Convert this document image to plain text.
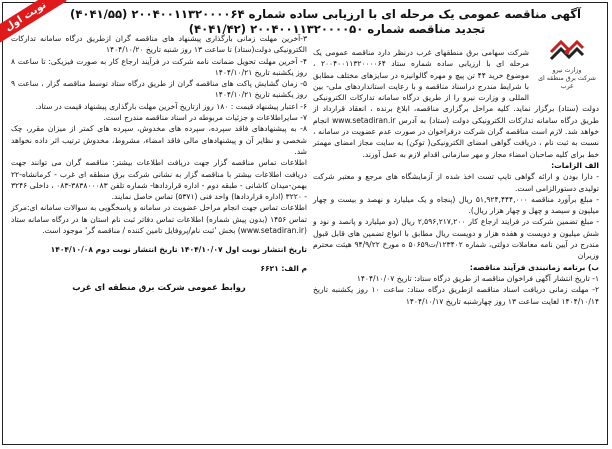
نوبت اول	آگهی مناقصه عمومی یک مرحله ای با ارزیابی ساده شماره ۲۰۰۴۰۰۱۱۳۲۰۰۰۰۶۴ (۴۰۴۱/۵۵)
تجدید مناقصه شماره ۲۰۰۴۰۰۱۱۳۲۰۰۰۰۵۰ (۴۰۴۱/۴۲)
وزارت نیرو
شرکت برق منطقه ای غرب

شرکت سهامی برق منطقهای غرب درنظر دارد مناقصه عمومی یک مرحله ای با ارزیابی ساده شماره ستاد ۲۰۰۴۰۰۱۱۳۲۰۰۰۰۶۴ ، موضوع خرید ۴۴ تن پیچ و مهره گالوانیزه در سایزهای مختلف مطابق با شرایط مندرج دراسناد مناقصه و با رعایت استانداردهای ملی- بین المللی و وزارت نیرو را از طریق درگاه سامانه تدارکات الکترونیکی دولت (ستاد) برگزار نماید. کلیه مراحل برگزاری مناقصه، ابلاغ برنده ، انعقاد قرارداد از طریق درگاه سامانه تدارکات الکترونیکی دولت (ستاد) به آدرس www.setadiran.ir انجام خواهد شد. لازم است مناقصه گران شرکت درفراخوان در صورت عدم عضویت در سامانه ، نسبت به ثبت نام ، دریافت گواهی امضای الکترونیکی( توکن) به سایت مجاز امضای مهمتر خط برای کلیه صاحبان امضاء مجاز و مهر سازمانی اقدام لازم به عمل آورند.

الف الزامات:

- دارا بودن و ارائه گواهی تایپ تست اخذ شده از آزمایشگاه های مرجع و معتبر شرکت تولیدی دستورالزامی است.

- مبلغ برآورد مناقصه ۵۱,۹۲۴,۴۴۴,۰۰۰ ریال (پنجاه و یک میلیارد و نهصد و بیست و چهار میلیون و سیصد و چهل و چهار هزار ریال).

- مبلغ تضمین شرکت در فرایند ارجاع کار ۲,۵۹۶,۲۱۷,۲۰۰ ریال (دو میلیارد و پانصد و نود و شش میلیون و دویست و هفده هزار و دویست ریال مطابق با انواع تضمین های قابل قبول مندرج در آیین نامه معاملات دولتی، شماره ۱۲۳۴۰۲/ت۵۰۶۵۹ ه مورخ ۹۴/۹/۲۲ هیئت محترم وزیران

ب) برنامه زمانبندی فرآیند مناقصه:

۱- تاریخ انتشار آگهی فراخوان مناقصه از طریق درگاه ستاد: تاریخ ۱۴۰۴/۱۰/۰۷

۲- مهلت زمانی دریافت اسناد مناقصه ازطریق درگاه ستاد: ساعت ۱۰ روز یکشنبه تاریخ ۱۴۰۴/۱۰/۱۴ لغایت ساعت ۱۳ روز چهارشنبه تاریخ ۱۴۰۴/۱۰/۱۷

۳-آخرین مهلت زمانی بارگذاری پیشنهاد های مناقصه گران ازطریق درگاه سامانه تدارکات الکترونیکی دولت(ستاد) تا ساعت ۱۳ روز شنبه تاریخ ۱۴۰۴/۱۰/۲۰

۴- آخرین مهلت تحویل ضمانت نامه شرکت در فرآیند ارجاع کار به صورت فیزیکی: تا ساعت ۸ روز یکشنبه تاریخ ۱۴۰۴/۱۰/۲۱

۵- زمان گشایش پاکت های مناقصه گران از طریق درگاه ستاد توسط مناقصه گزار ، ساعت ۹ روز یکشنبه تاریخ ۱۴۰۴/۱۰/۲۱

۶- اعتبار پیشنهاد قیمت : ۱۸۰ روز ازتاریخ آخرین مهلت بارگذاری پیشنهاد قیمت در ستاد.

۷- سایراطلاعات و جزئیات مربوطه در اسناد مناقصه مندرج است.

۸- به پیشنهادهای فاقد سپرده، سپرده های مخدوش، سپرده های کمتر از میزان مقرر، چک شخصی و نظایر آن و پیشنهادهای مالی فاقد امضاء، مشروط، مخدوش ترتیب اثر داده نخواهد شد.

اطلاعات تماس مناقصه گزار جهت دریافت اطلاعات بیشتر: مناقصه گران می توانند جهت دریافت اطلاعات بیشتر با مناقصه گزار به نشانی شرکت برق منطقه ای غرب - کرمانشاه-۲۲ بهمن-میدان کاشانی - طبقه دوم - اداره قراردادها- شماره تلفن ۳۸۳۸۰۰۰۸۳-۰۸۳ ، داخلی ۳۲۴۶ - ۳۲۲۰ (اداره قراردادها) واحد فنی (۵۳۷۱) تماس حاصل نمایند.

اطلاعات تماس جهت انجام مراحل عضویت در سامانه و پاسخگویی به سوالات سامانه ای:مرکز تماس ۱۴۵۶ (بدون پیش شماره) اطلاعات تماس دفاتر ثبت نام استان ها در درگاه سامانه ستاد (www.setadiran.ir) بخش 'ثبت نام/پروفایل تامین کننده / مناقصه گر' موجود است.

تاریخ انتشار نوبت اول ۱۴۰۴/۱۰/۰۷ تاریخ انتشار نوبت دوم ۱۴۰۴/۱۰/۰۸

م الف: ۶۶۲۱

روابط عمومی شرکت برق منطقه ای غرب
